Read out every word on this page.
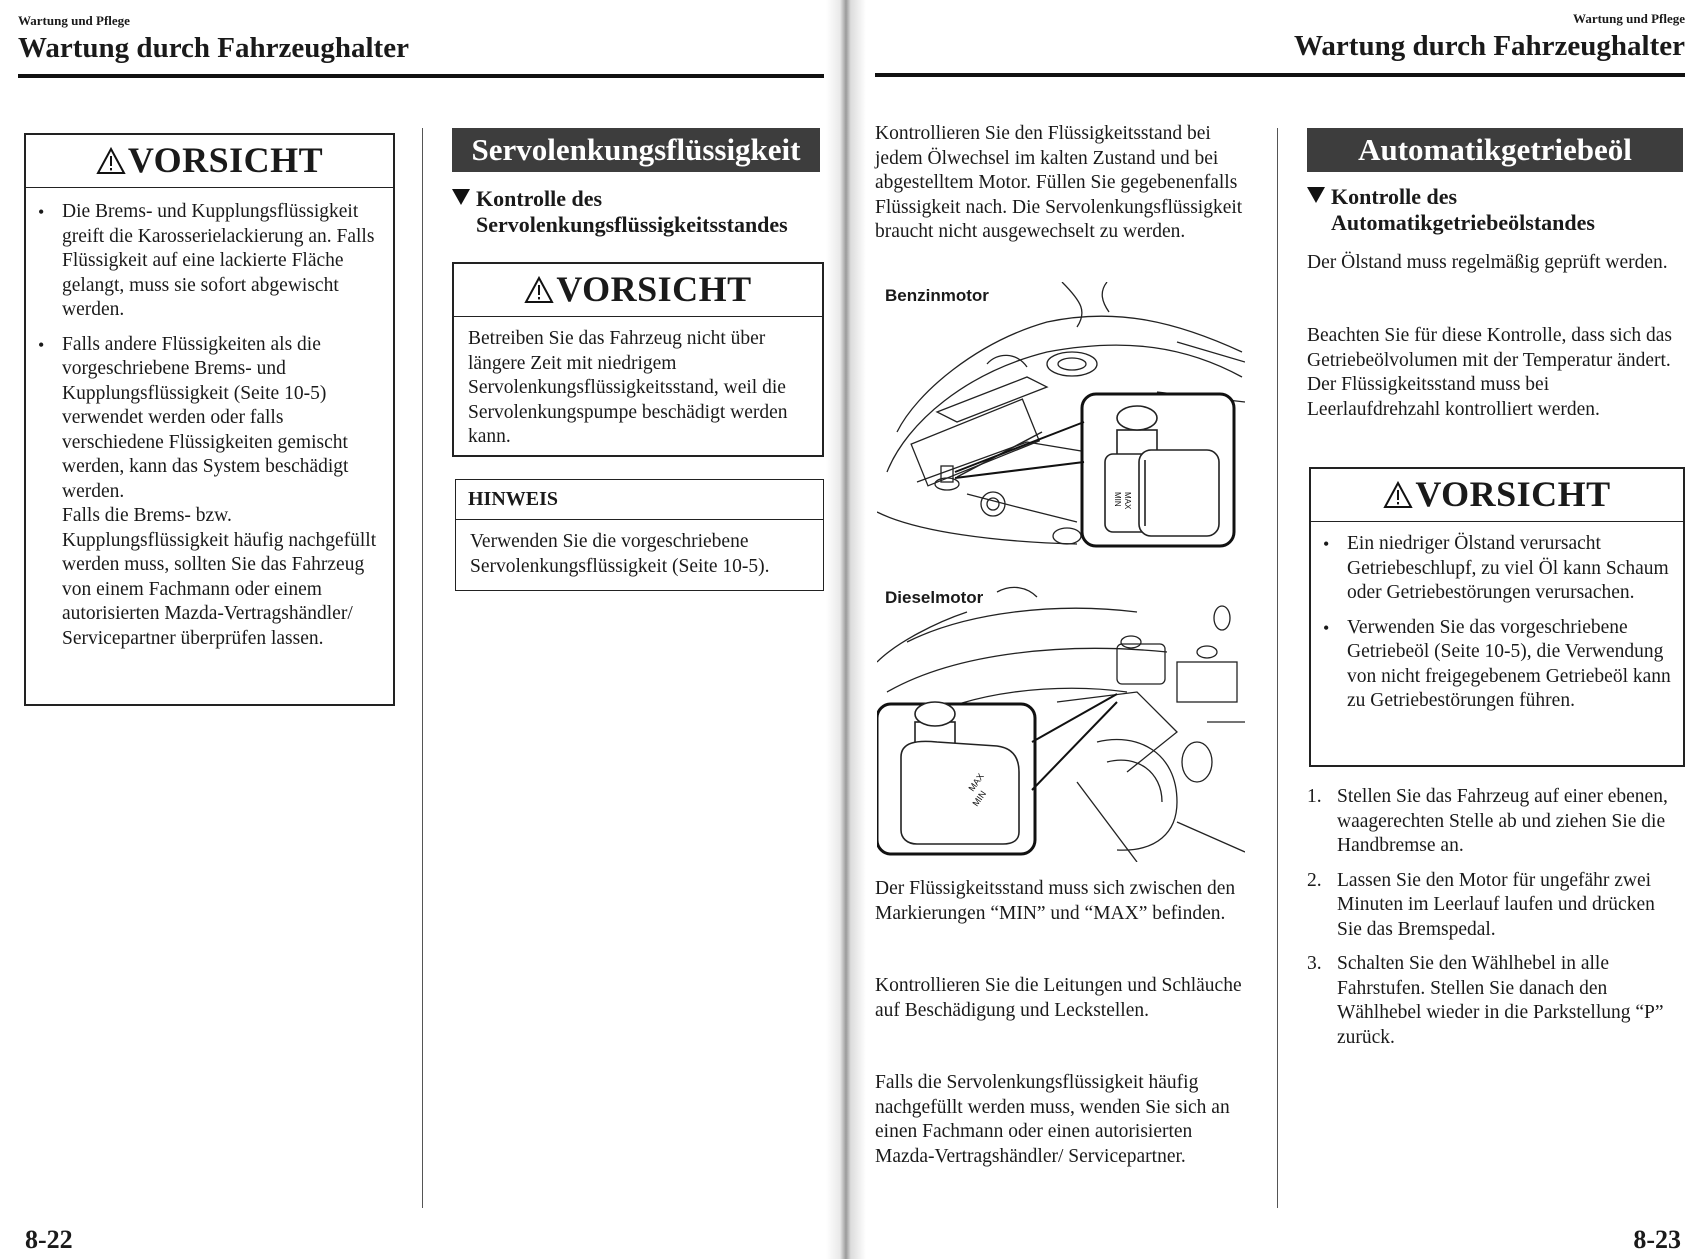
Wartung und Pflege
Wartung durch Fahrzeughalter
VORSICHT
• Die Brems- und Kupplungsflüssigkeit greift die Karosserielackierung an. Falls Flüssigkeit auf eine lackierte Fläche gelangt, muss sie sofort abgewischt werden.
• Falls andere Flüssigkeiten als die vorgeschriebene Brems- und Kupplungsflüssigkeit (Seite 10-5) verwendet werden oder falls verschiedene Flüssigkeiten gemischt werden, kann das System beschädigt werden.
Falls die Brems- bzw. Kupplungsflüssigkeit häufig nachgefüllt werden muss, sollten Sie das Fahrzeug von einem Fachmann oder einem autorisierten Mazda-Vertragshändler/ Servicepartner überprüfen lassen.
Servolenkungsflüssigkeit
Kontrolle des
Servolenkungsflüssigkeitsstandes
VORSICHT

Betreiben Sie das Fahrzeug nicht über längere Zeit mit niedrigem Servolenkungsflüssigkeitsstand, weil die Servolenkungspumpe beschädigt werden kann.

HINWEIS

Verwenden Sie die vorgeschriebene Servolenkungsflüssigkeit (Seite 10-5).

8-22
Wartung und Pflege
Wartung durch Fahrzeughalter

Kontrollieren Sie den Flüssigkeitsstand bei jedem Ölwechsel im kalten Zustand und bei abgestelltem Motor. Füllen Sie gegebenenfalls Flüssigkeit nach. Die Servolenkungsflüssigkeit braucht nicht ausgewechselt zu werden.

Benzinmotor
MAX
MIN
Dieselmotor
MAX
MIN

Der Flüssigkeitsstand muss sich zwischen den Markierungen “MIN” und “MAX” befinden.

Kontrollieren Sie die Leitungen und Schläuche auf Beschädigung und Leckstellen.

Falls die Servolenkungsflüssigkeit häufig nachgefüllt werden muss, wenden Sie sich an einen Fachmann oder einen autorisierten Mazda-Vertragshändler/ Servicepartner.

Automatikgetriebeöl
Kontrolle des
Automatikgetriebeölstandes

Der Ölstand muss regelmäßig geprüft werden.

Beachten Sie für diese Kontrolle, dass sich das Getriebeölvolumen mit der Temperatur ändert. Der Flüssigkeitsstand muss bei Leerlaufdrehzahl kontrolliert werden.

VORSICHT
• Ein niedriger Ölstand verursacht Getriebeschlupf, zu viel Öl kann Schaum oder Getriebestörungen verursachen.
• Verwenden Sie das vorgeschriebene Getriebeöl (Seite 10-5), die Verwendung von nicht freigegebenem Getriebeöl kann zu Getriebestörungen führen.
1. Stellen Sie das Fahrzeug auf einer ebenen, waagerechten Stelle ab und ziehen Sie die Handbremse an.
2. Lassen Sie den Motor für ungefähr zwei Minuten im Leerlauf laufen und drücken Sie das Bremspedal.
3. Schalten Sie den Wählhebel in alle Fahrstufen. Stellen Sie danach den Wählhebel wieder in die Parkstellung “P” zurück.
8-23
